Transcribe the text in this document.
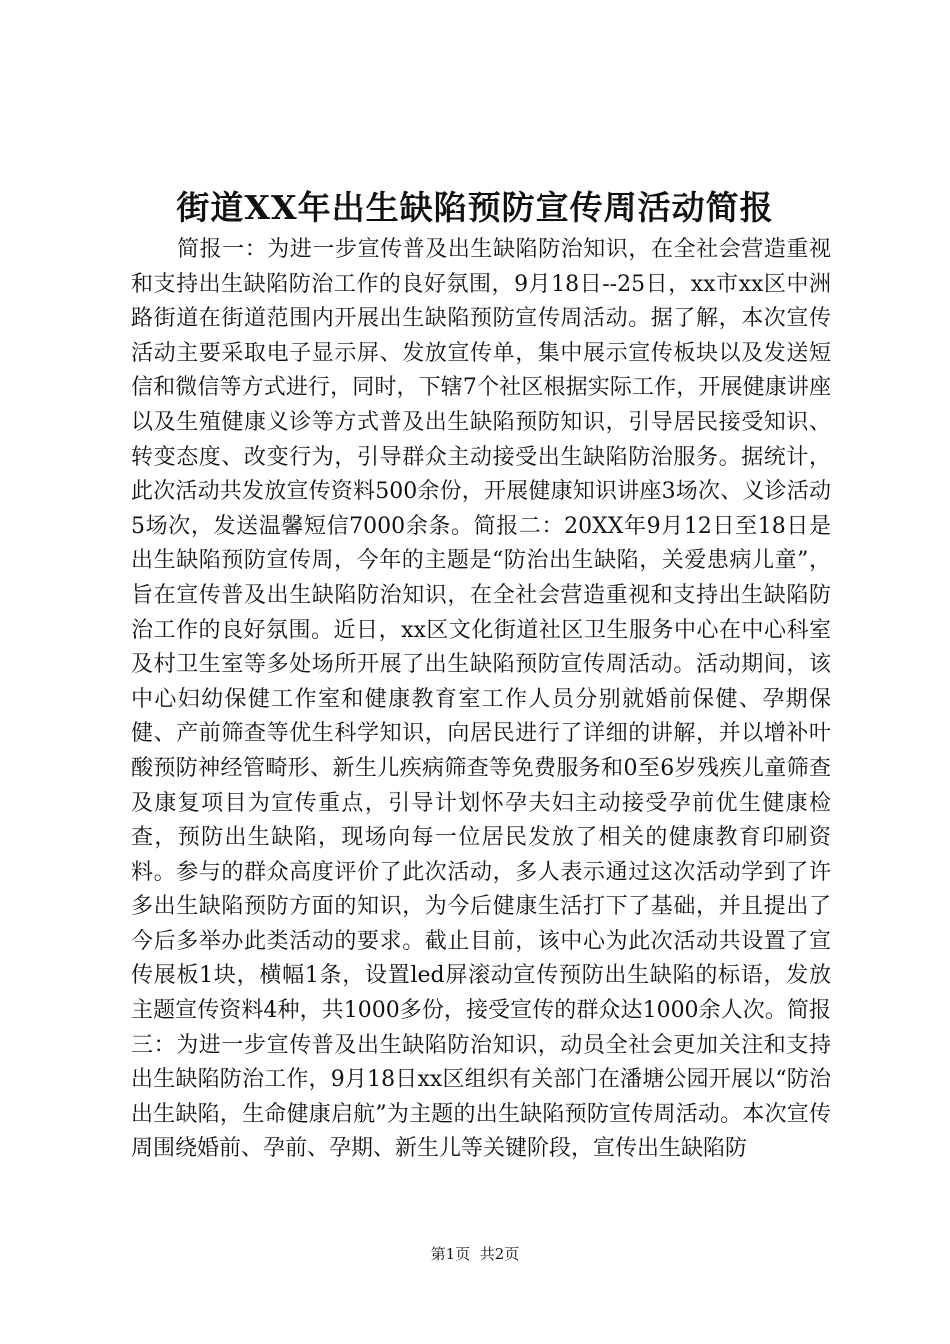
街道XX年出生缺陷预防宣传周活动简报

简报一：为进一步宣传普及出生缺陷防治知识，在全社会营造重视和支持出生缺陷防治工作的良好氛围，9月18日--25日，xx市xx区中洲路街道在街道范围内开展出生缺陷预防宣传周活动。据了解，本次宣传活动主要采取电子显示屏、发放宣传单，集中展示宣传板块以及发送短信和微信等方式进行，同时，下辖7个社区根据实际工作，开展健康讲座以及生殖健康义诊等方式普及出生缺陷预防知识，引导居民接受知识、转变态度、改变行为，引导群众主动接受出生缺陷防治服务。据统计，此次活动共发放宣传资料500余份，开展健康知识讲座3场次、义诊活动5场次，发送温馨短信7000余条。简报二：20XX年9月12日至18日是出生缺陷预防宣传周，今年的主题是“防治出生缺陷，关爱患病儿童”，旨在宣传普及出生缺陷防治知识，在全社会营造重视和支持出生缺陷防治工作的良好氛围。近日，xx区文化街道社区卫生服务中心在中心科室及村卫生室等多处场所开展了出生缺陷预防宣传周活动。活动期间，该中心妇幼保健工作室和健康教育室工作人员分别就婚前保健、孕期保健、产前筛查等优生科学知识，向居民进行了详细的讲解，并以增补叶酸预防神经管畸形、新生儿疾病筛查等免费服务和0至6岁残疾儿童筛查及康复项目为宣传重点，引导计划怀孕夫妇主动接受孕前优生健康检查，预防出生缺陷，现场向每一位居民发放了相关的健康教育印刷资料。参与的群众高度评价了此次活动，多人表示通过这次活动学到了许多出生缺陷预防方面的知识，为今后健康生活打下了基础，并且提出了今后多举办此类活动的要求。截止目前，该中心为此次活动共设置了宣传展板1块，横幅1条，设置led屏滚动宣传预防出生缺陷的标语，发放主题宣传资料4种，共1000多份，接受宣传的群众达1000余人次。简报三：为进一步宣传普及出生缺陷防治知识，动员全社会更加关注和支持出生缺陷防治工作，9月18日xx区组织有关部门在潘塘公园开展以“防治出生缺陷，生命健康启航”为主题的出生缺陷预防宣传周活动。本次宣传周围绕婚前、孕前、孕期、新生儿等关键阶段，宣传出生缺陷防

第1页 共2页
